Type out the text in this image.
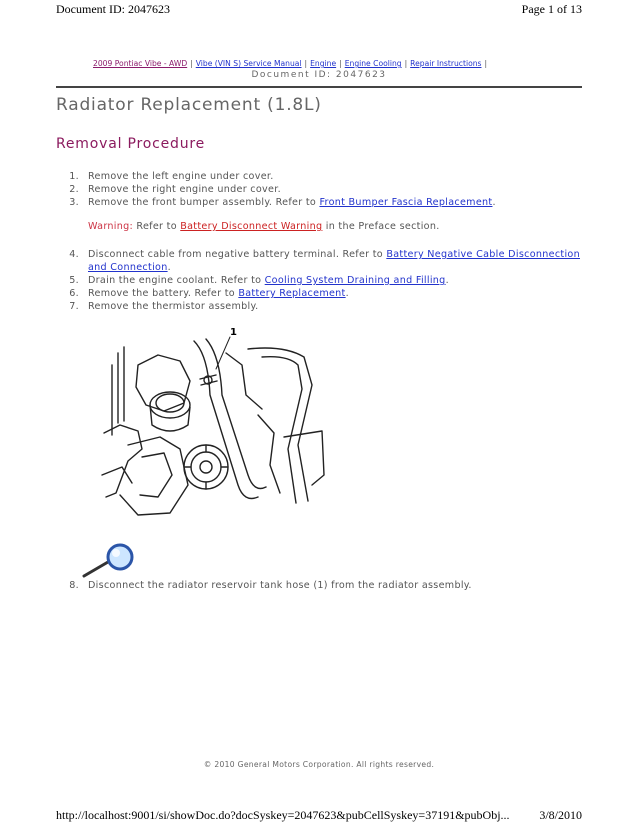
Document ID: 2047623	Page 1 of 13
2009 Pontiac Vibe - AWD | Vibe (VIN S) Service Manual | Engine | Engine Cooling | Repair Instructions |
Document ID: 2047623
Radiator Replacement (1.8L)
Removal Procedure
1. Remove the left engine under cover.
2. Remove the right engine under cover.
3. Remove the front bumper assembly. Refer to Front Bumper Fascia Replacement.
Warning: Refer to Battery Disconnect Warning in the Preface section.
4. Disconnect cable from negative battery terminal. Refer to Battery Negative Cable Disconnection and Connection.
5. Drain the engine coolant. Refer to Cooling System Draining and Filling.
6. Remove the battery. Refer to Battery Replacement.
7. Remove the thermistor assembly.
1
8. Disconnect the radiator reservoir tank hose (1) from the radiator assembly.
© 2010 General Motors Corporation. All rights reserved.
http://localhost:9001/si/showDoc.do?docSyskey=2047623&pubCellSyskey=37191&pubObj... 3/8/2010
